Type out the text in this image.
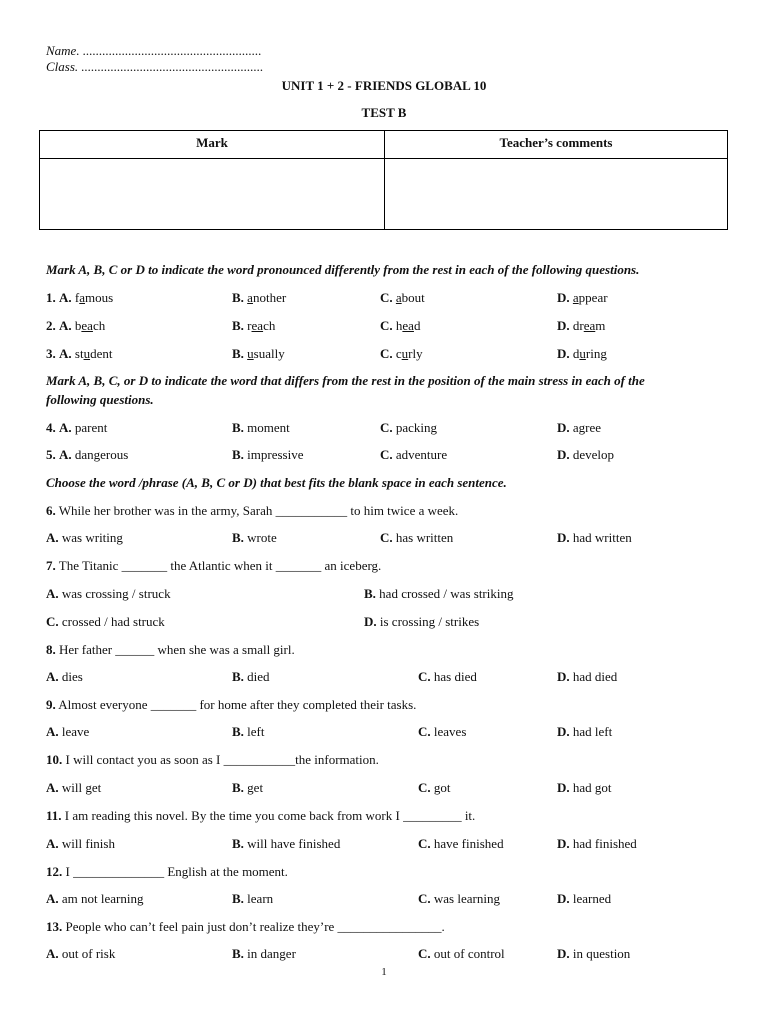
Name. .......................................................
Class. ........................................................
UNIT 1 + 2 - FRIENDS GLOBAL 10
TEST B
Mark	Teacher’s comments
Mark A, B, C or D to indicate the word pronounced differently from the rest in each of the following questions.
Mark A, B, C, or D to indicate the word that differs from the rest in the position of the main stress in each of the
following questions.
Choose the word /phrase (A, B, C or D) that best fits the blank space in each sentence.
1. A. famous	B. another	C. about	D. appear
2. A. beach	B. reach	C. head	D. dream
3. A. student	B. usually	C. curly	D. during
4. A. parent	B. moment	C. packing	D. agree
5. A. dangerous	B. impressive	C. adventure	D. develop
6. While her brother was in the army, Sarah ___________ to him twice a week.
A. was writing	B. wrote	C. has written	D. had written
7. The Titanic _______ the Atlantic when it _______ an iceberg.
A. was crossing / struck	B. had crossed / was striking
C. crossed / had struck	D. is crossing / strikes
8. Her father ______ when she was a small girl.
A. dies	B. died	C. has died	D. had died
9. Almost everyone _______ for home after they completed their tasks.
A. leave	B. left	C. leaves	D. had left
10. I will contact you as soon as I ___________the information.
A. will get	B. get	C. got	D. had got
11. I am reading this novel. By the time you come back from work I _________ it.
A. will finish	B. will have finished	C. have finished	D. had finished
12. I ______________ English at the moment.
A. am not learning	B. learn	C. was learning	D. learned
13. People who can’t feel pain just don’t realize they’re ________________.
A. out of risk	B. in danger	C. out of control	D. in question
1
